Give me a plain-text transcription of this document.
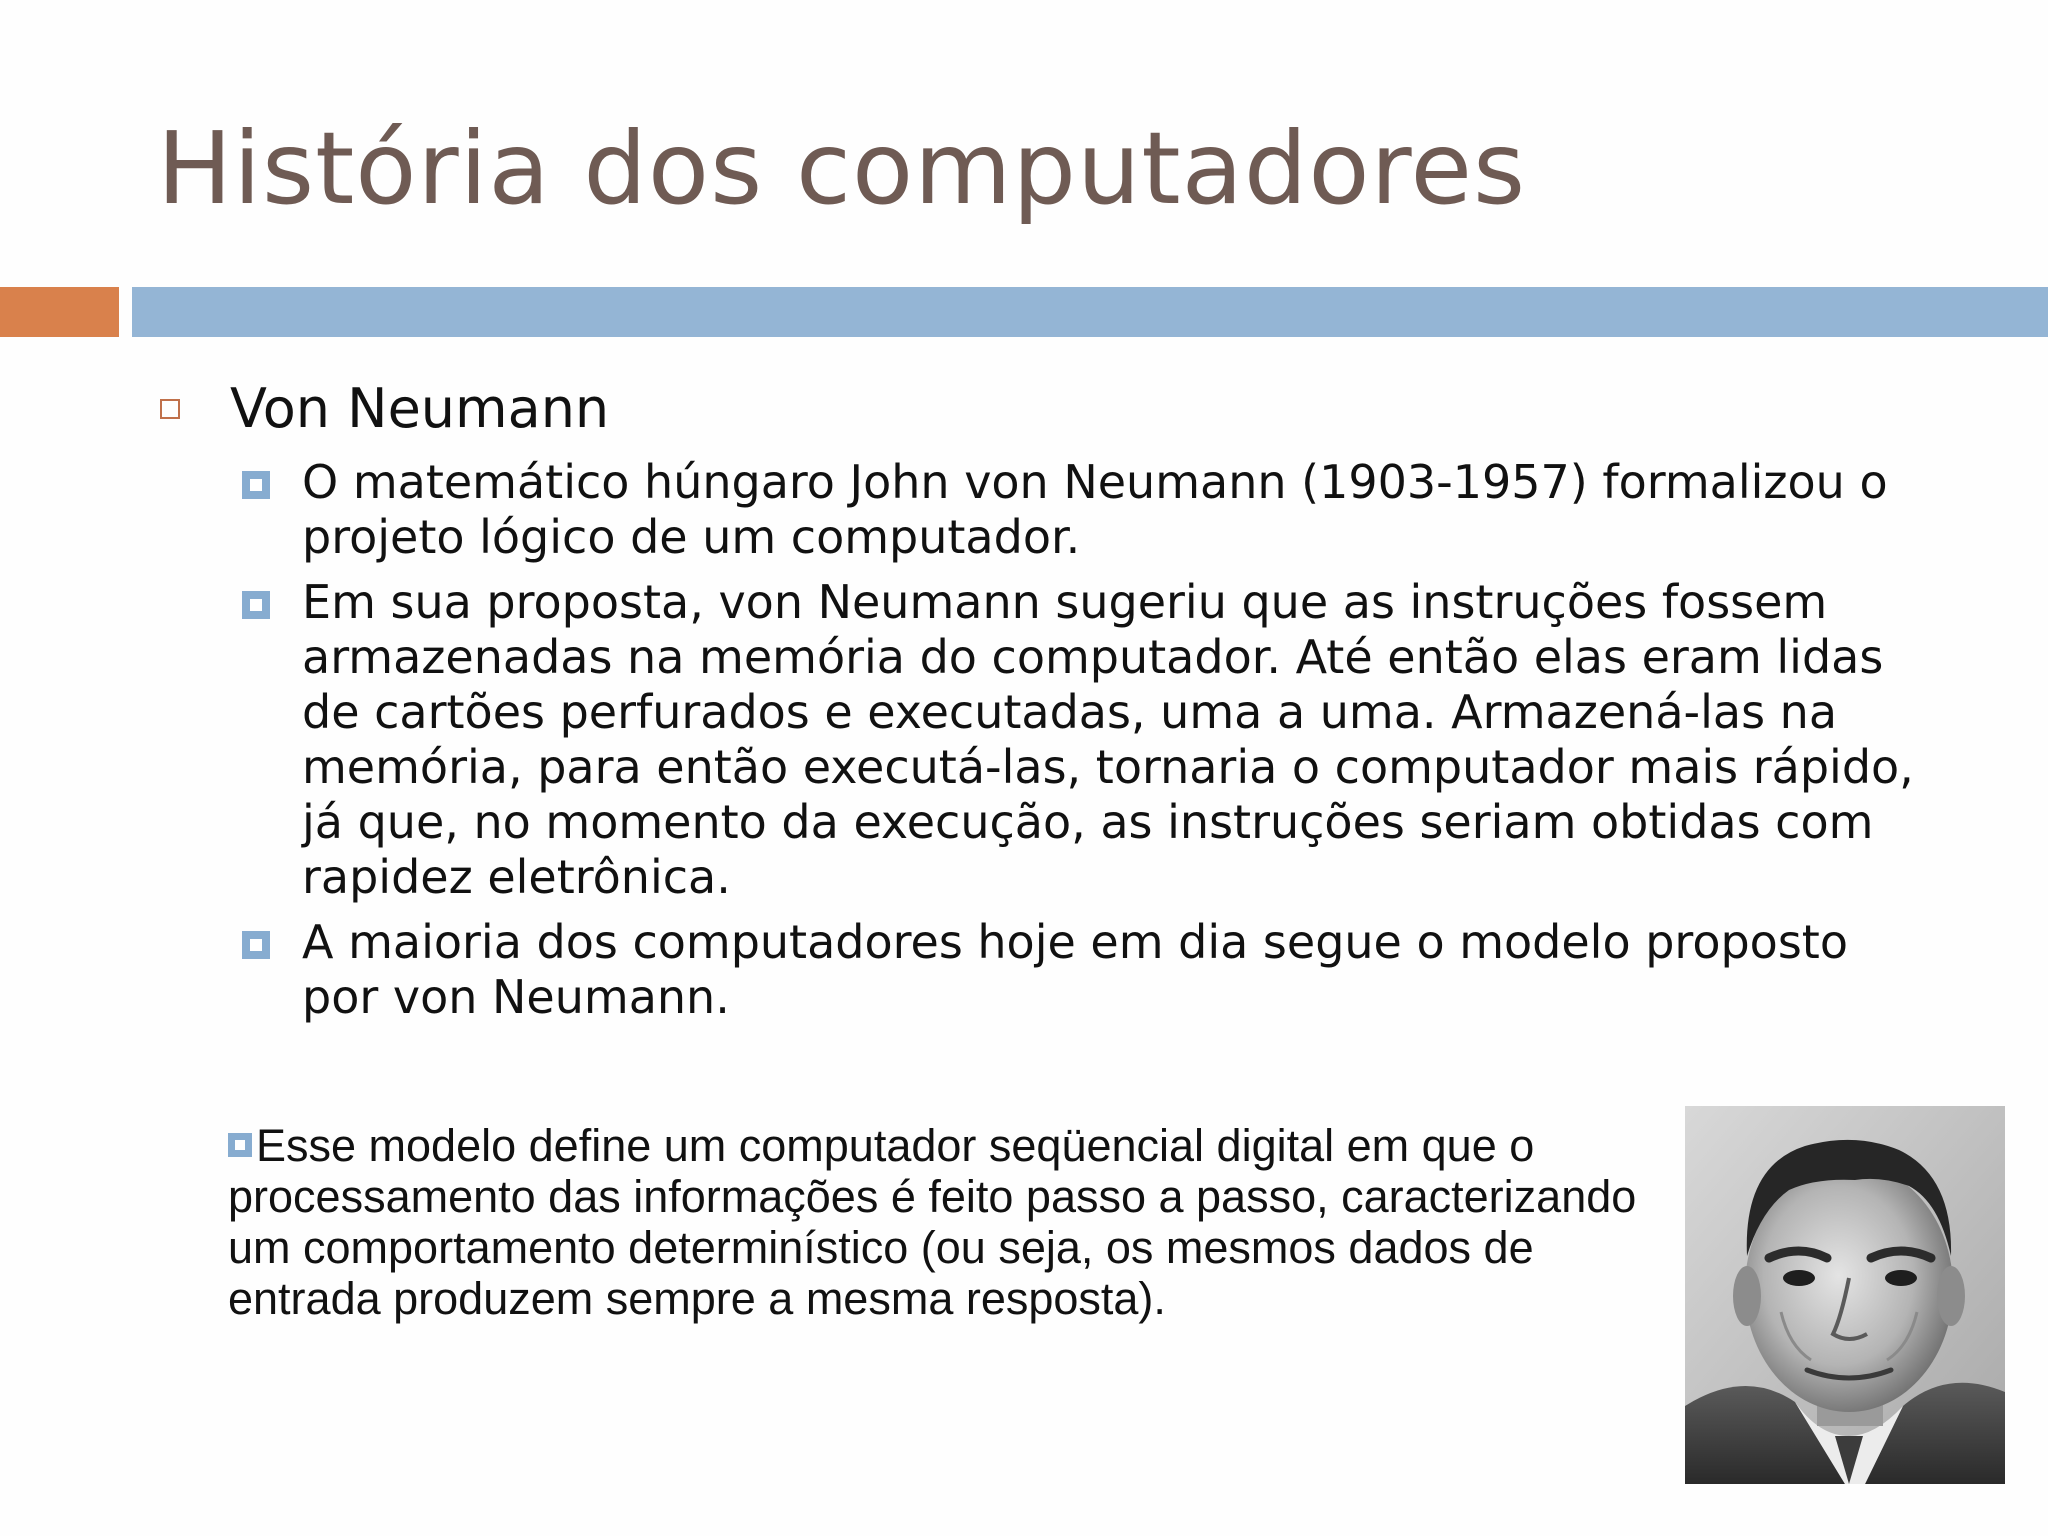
História dos computadores
Von Neumann
O matemático húngaro John von Neumann (1903-1957) formalizou o projeto lógico de um computador.
Em sua proposta, von Neumann sugeriu que as instruções fossem armazenadas na memória do computador. Até então elas eram lidas de cartões perfurados e executadas, uma a uma. Armazená-las na memória, para então executá-las, tornaria o computador mais rápido, já que, no momento da execução, as instruções seriam obtidas com rapidez eletrônica.
A maioria dos computadores hoje em dia segue o modelo proposto por von Neumann.
Esse modelo define um computador seqüencial digital em que o processamento das informações é feito passo a passo, caracterizando um comportamento determinístico (ou seja, os mesmos dados de entrada produzem sempre a mesma resposta).
